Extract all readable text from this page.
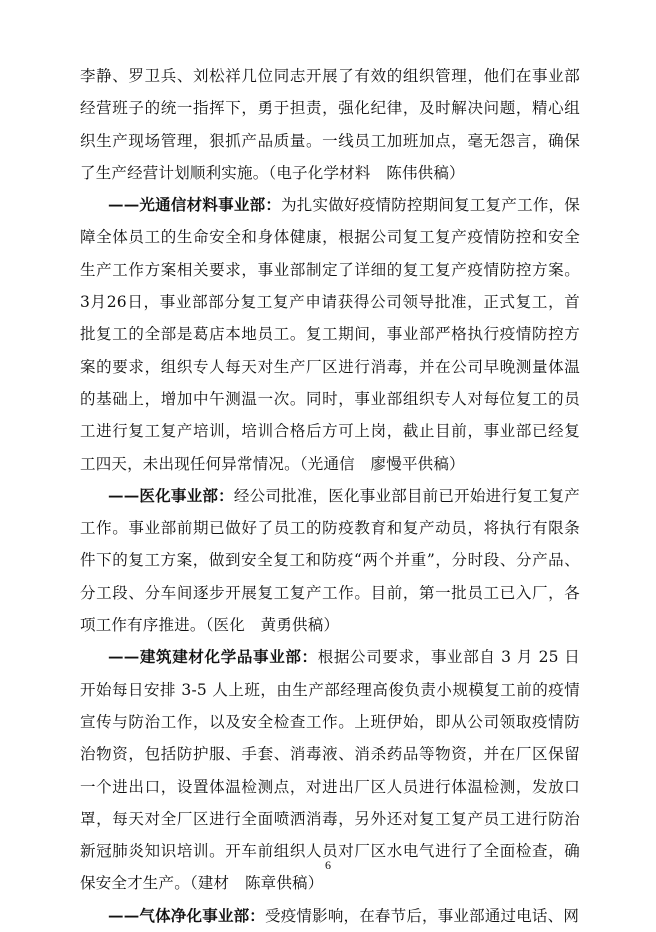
李静、罗卫兵、刘松祥几位同志开展了有效的组织管理，他们在事业部经营班子的统一指挥下，勇于担责，强化纪律，及时解决问题，精心组织生产现场管理，狠抓产品质量。一线员工加班加点，毫无怨言，确保了生产经营计划顺利实施。（电子化学材料　陈伟供稿）

——光通信材料事业部：为扎实做好疫情防控期间复工复产工作，保障全体员工的生命安全和身体健康，根据公司复工复产疫情防控和安全生产工作方案相关要求，事业部制定了详细的复工复产疫情防控方案。 3月26日，事业部部分复工复产申请获得公司领导批准，正式复工，首批复工的全部是葛店本地员工。复工期间，事业部严格执行疫情防控方案的要求，组织专人每天对生产厂区进行消毒，并在公司早晚测量体温的基础上，增加中午测温一次。同时，事业部组织专人对每位复工的员工进行复工复产培训，培训合格后方可上岗，截止目前，事业部已经复工四天，未出现任何异常情况。（光通信　廖慢平供稿）

——医化事业部：经公司批准，医化事业部目前已开始进行复工复产工作。事业部前期已做好了员工的防疫教育和复产动员，将执行有限条件下的复工方案，做到安全复工和防疫“两个并重”，分时段、分产品、分工段、分车间逐步开展复工复产工作。目前，第一批员工已入厂，各项工作有序推进。（医化　黄勇供稿）

——建筑建材化学品事业部：根据公司要求，事业部自 3 月 25 日开始每日安排 3-5 人上班，由生产部经理高俊负责小规模复工前的疫情宣传与防治工作，以及安全检查工作。上班伊始，即从公司领取疫情防治物资，包括防护服、手套、消毒液、消杀药品等物资，并在厂区保留一个进出口，设置体温检测点，对进出厂区人员进行体温检测，发放口罩，每天对全厂区进行全面喷洒消毒，另外还对复工复产员工进行防治新冠肺炎知识培训。开车前组织人员对厂区水电气进行了全面检查，确保安全才生产。（建材　陈章供稿）

——气体净化事业部：受疫情影响，在春节后，事业部通过电话、网

6
